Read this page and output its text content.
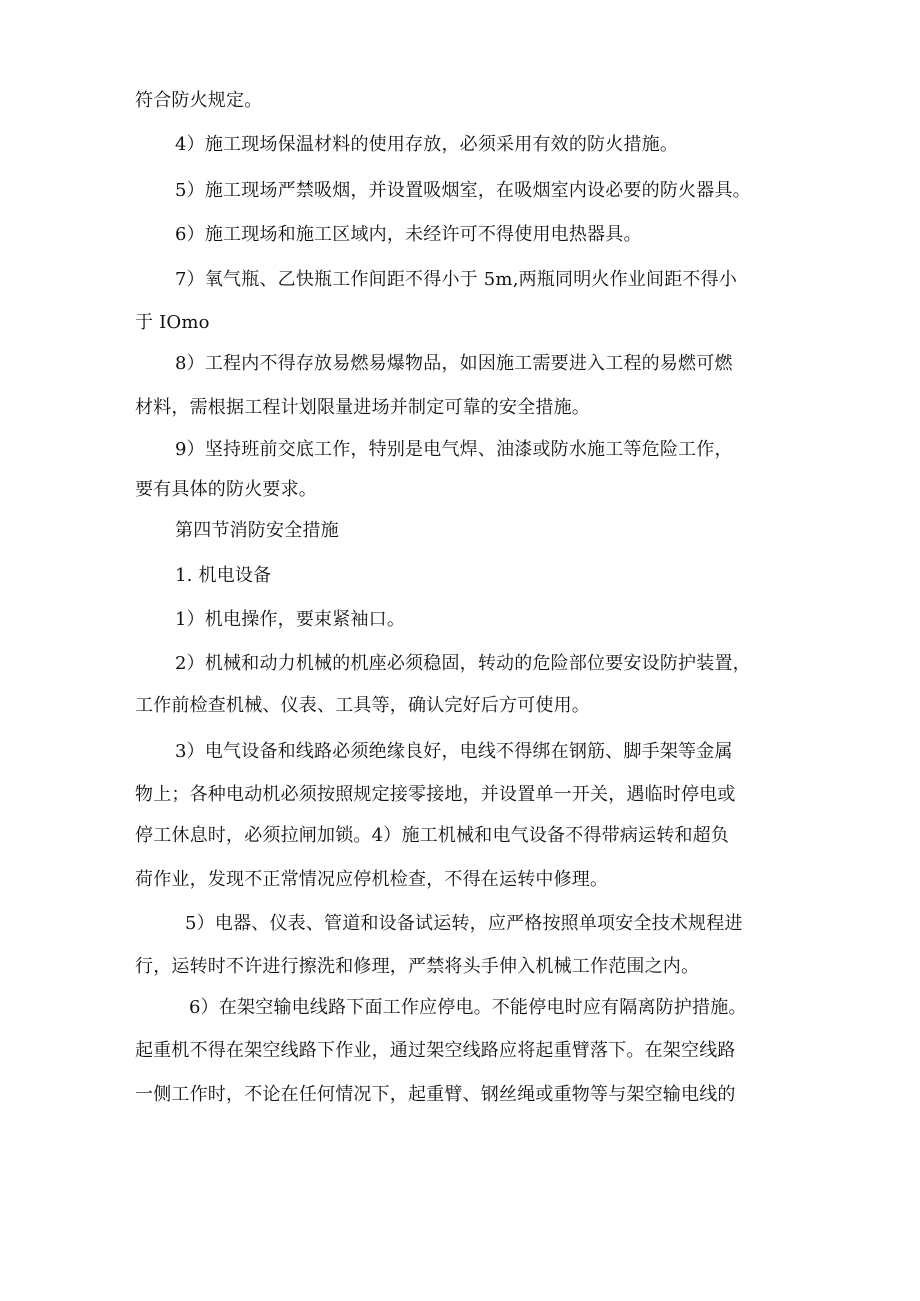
符合防火规定。
4）施工现场保温材料的使用存放，必须采用有效的防火措施。
5）施工现场严禁吸烟，并设置吸烟室，在吸烟室内设必要的防火器具。
6）施工现场和施工区域内，未经许可不得使用电热器具。
7）氧气瓶、乙快瓶工作间距不得小于 5m,两瓶同明火作业间距不得小
于 IOmo
8）工程内不得存放易燃易爆物品，如因施工需要进入工程的易燃可燃
材料，需根据工程计划限量进场并制定可靠的安全措施。
9）坚持班前交底工作，特别是电气焊、油漆或防水施工等危险工作，
要有具体的防火要求。
第四节消防安全措施
1. 机电设备
1）机电操作，要束紧袖口。
2）机械和动力机械的机座必须稳固，转动的危险部位要安设防护装置，
工作前检查机械、仪表、工具等，确认完好后方可使用。
3）电气设备和线路必须绝缘良好，电线不得绑在钢筋、脚手架等金属
物上；各种电动机必须按照规定接零接地，并设置单一开关，遇临时停电或
停工休息时，必须拉闸加锁。4）施工机械和电气设备不得带病运转和超负
荷作业，发现不正常情况应停机检查，不得在运转中修理。
5）电器、仪表、管道和设备试运转，应严格按照单项安全技术规程进
行，运转时不许进行擦洗和修理，严禁将头手伸入机械工作范围之内。
6）在架空输电线路下面工作应停电。不能停电时应有隔离防护措施。
起重机不得在架空线路下作业，通过架空线路应将起重臂落下。在架空线路
一侧工作时，不论在任何情况下，起重臂、钢丝绳或重物等与架空输电线的
